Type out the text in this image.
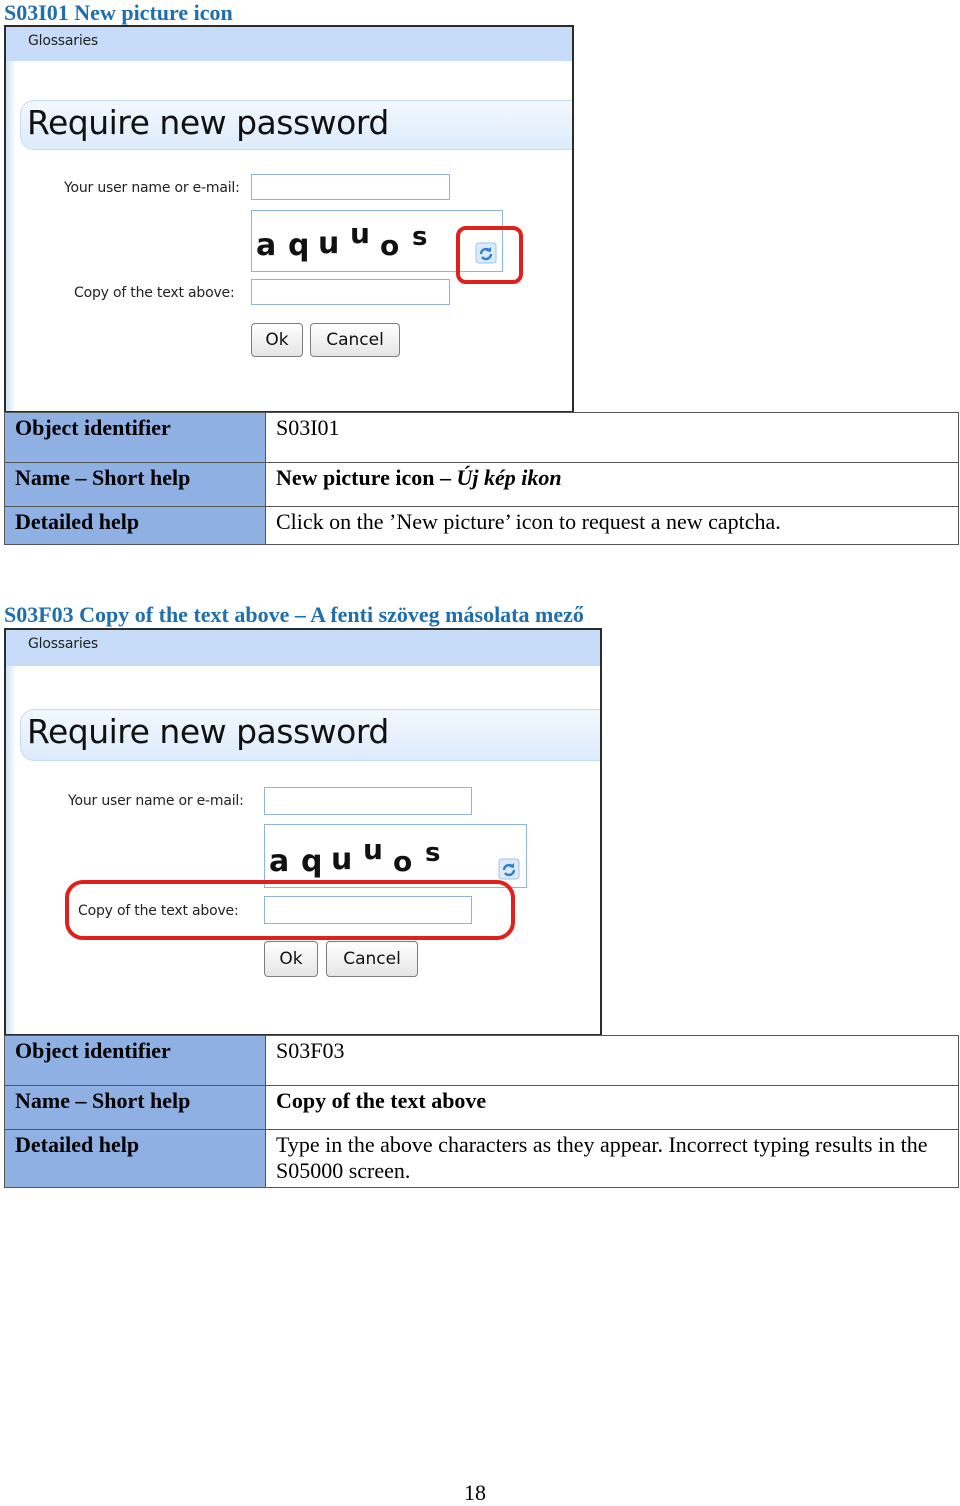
S03I01 New picture icon
Glossaries
Require new password
Your user name or e-mail:
a q u u o s
Copy of the text above:
Ok	Cancel
Object identifier	S03I01
Name – Short help	New picture icon – Új kép ikon
Detailed help	Click on the ’New picture’ icon to request a new captcha.
S03F03 Copy of the text above – A fenti szöveg másolata mező
Glossaries
Require new password
Your user name or e-mail:
a q u u o s
Copy of the text above:
Ok	Cancel
Object identifier	S03F03
Name – Short help	Copy of the text above
Detailed help	Type in the above characters as they appear. Incorrect typing results in the S05000 screen.
18
